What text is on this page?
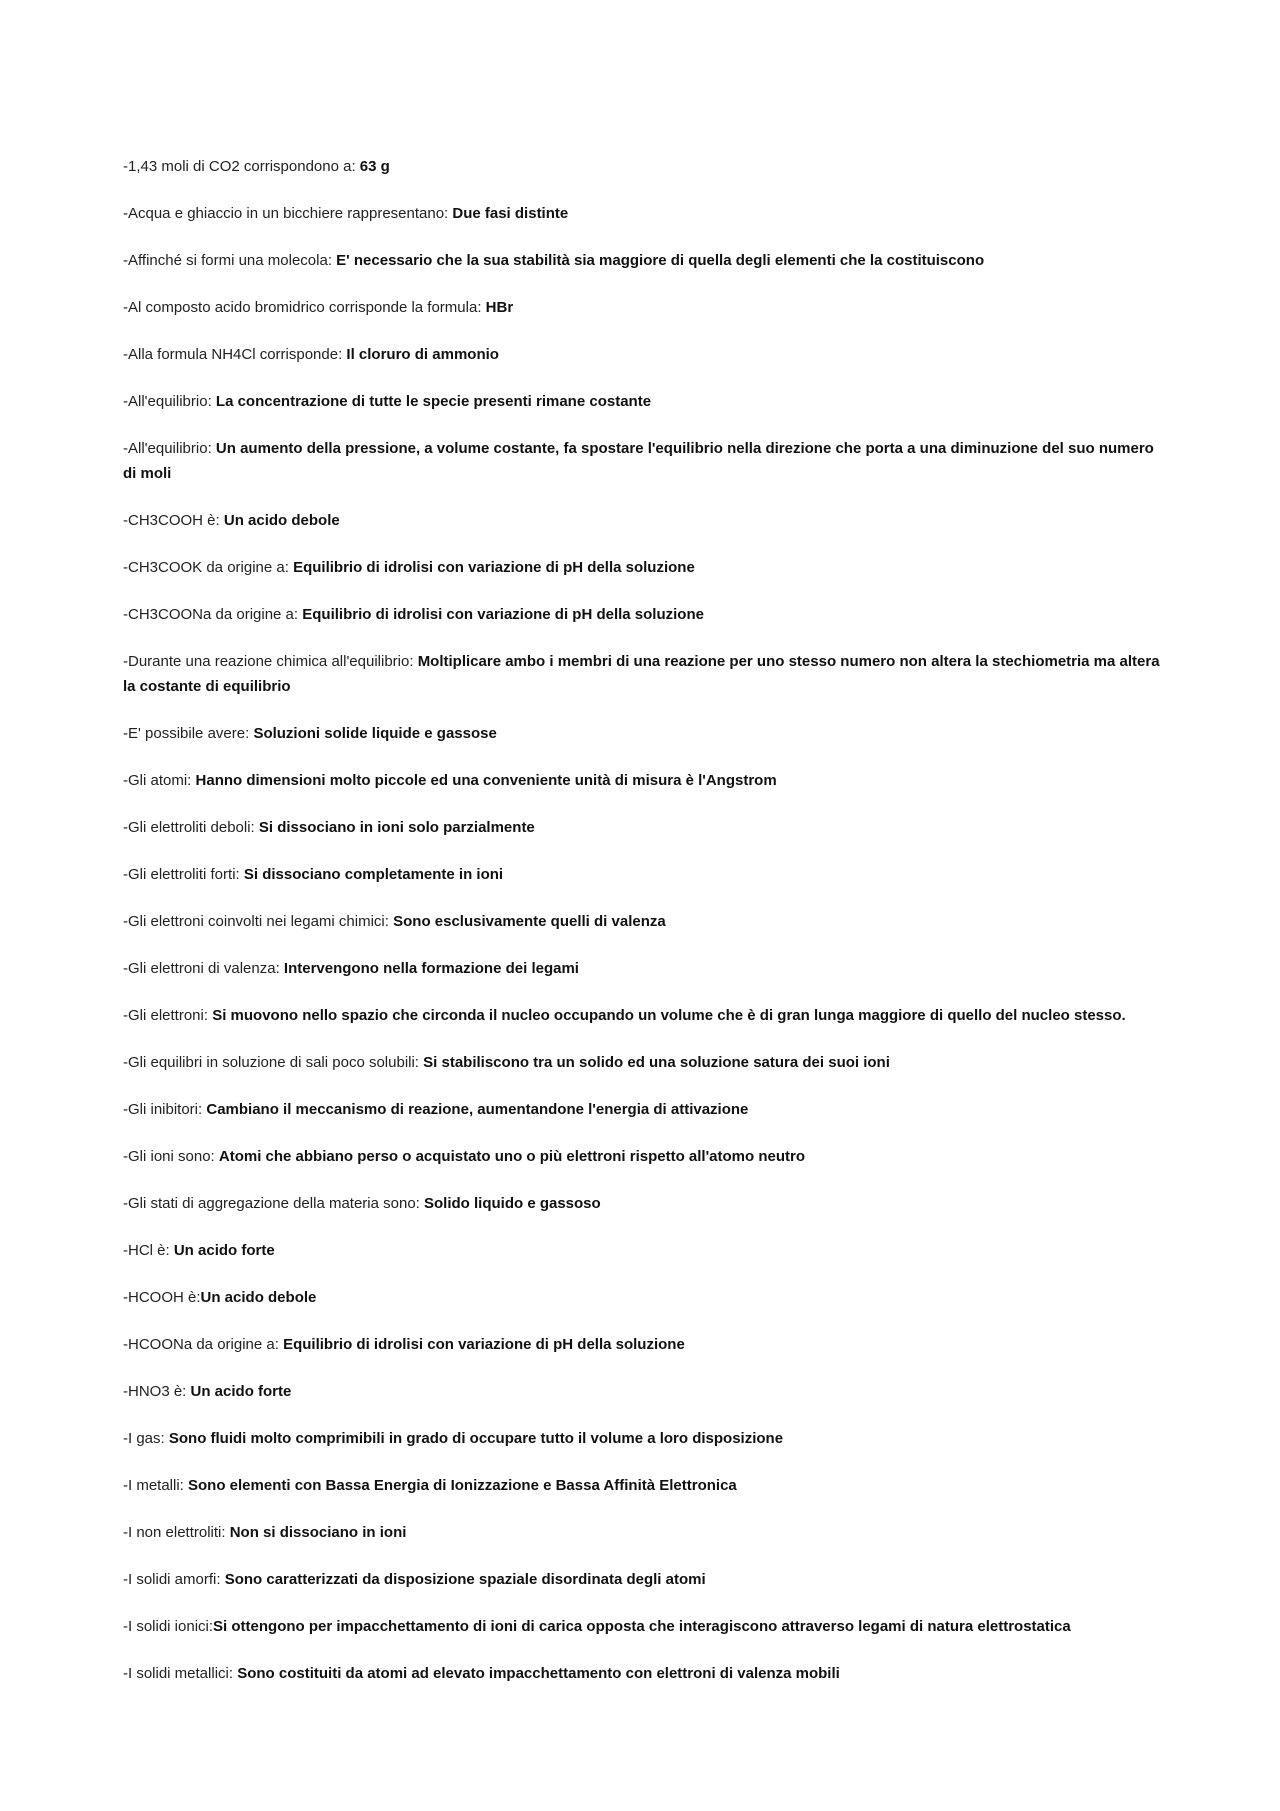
-1,43 moli di CO2 corrispondono a: 63 g

-Acqua e ghiaccio in un bicchiere rappresentano: Due fasi distinte

-Affinché si formi una molecola: E' necessario che la sua stabilità sia maggiore di quella degli elementi che la costituiscono

-Al composto acido bromidrico corrisponde la formula: HBr

-Alla formula NH4Cl corrisponde: Il cloruro di ammonio

-All'equilibrio: La concentrazione di tutte le specie presenti rimane costante

-All'equilibrio: Un aumento della pressione, a volume costante, fa spostare l'equilibrio nella direzione che porta a una diminuzione del suo numero di moli

-CH3COOH è: Un acido debole

-CH3COOK da origine a: Equilibrio di idrolisi con variazione di pH della soluzione

-CH3COONa da origine a: Equilibrio di idrolisi con variazione di pH della soluzione

-Durante una reazione chimica all'equilibrio: Moltiplicare ambo i membri di una reazione per uno stesso numero non altera la stechiometria ma altera la costante di equilibrio

-E' possibile avere: Soluzioni solide liquide e gassose

-Gli atomi: Hanno dimensioni molto piccole ed una conveniente unità di misura è l'Angstrom

-Gli elettroliti deboli: Si dissociano in ioni solo parzialmente

-Gli elettroliti forti: Si dissociano completamente in ioni

-Gli elettroni coinvolti nei legami chimici: Sono esclusivamente quelli di valenza

-Gli elettroni di valenza: Intervengono nella formazione dei legami

-Gli elettroni: Si muovono nello spazio che circonda il nucleo occupando un volume che è di gran lunga maggiore di quello del nucleo stesso.

-Gli equilibri in soluzione di sali poco solubili: Si stabiliscono tra un solido ed una soluzione satura dei suoi ioni

-Gli inibitori: Cambiano il meccanismo di reazione, aumentandone l'energia di attivazione

-Gli ioni sono: Atomi che abbiano perso o acquistato uno o più elettroni rispetto all'atomo neutro

-Gli stati di aggregazione della materia sono: Solido liquido e gassoso

-HCl è: Un acido forte

-HCOOH è:Un acido debole

-HCOONa da origine a: Equilibrio di idrolisi con variazione di pH della soluzione

-HNO3 è: Un acido forte

-I gas: Sono fluidi molto comprimibili in grado di occupare tutto il volume a loro disposizione

-I metalli: Sono elementi con Bassa Energia di Ionizzazione e Bassa Affinità Elettronica

-I non elettroliti: Non si dissociano in ioni

-I solidi amorfi: Sono caratterizzati da disposizione spaziale disordinata degli atomi

-I solidi ionici:Si ottengono per impacchettamento di ioni di carica opposta che interagiscono attraverso legami di natura elettrostatica

-I solidi metallici: Sono costituiti da atomi ad elevato impacchettamento con elettroni di valenza mobili
